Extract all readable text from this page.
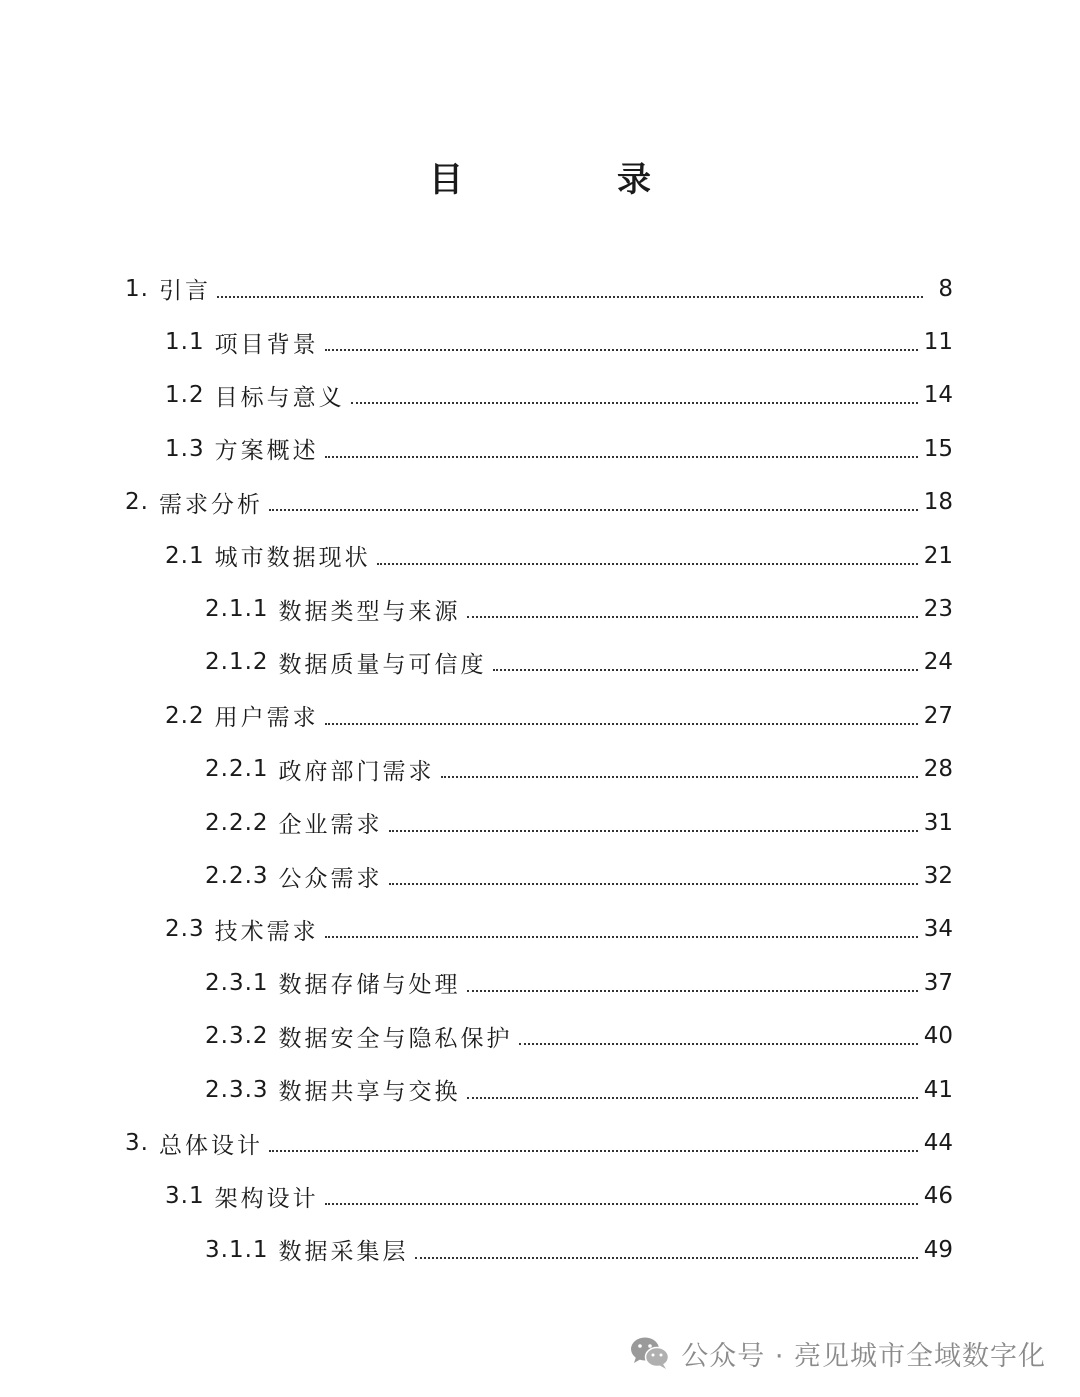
目　录
1. 引言	8
1.1 项目背景	11
1.2 目标与意义	14
1.3 方案概述	15
2. 需求分析	18
2.1 城市数据现状	21
2.1.1 数据类型与来源	23
2.1.2 数据质量与可信度	24
2.2 用户需求	27
2.2.1 政府部门需求	28
2.2.2 企业需求	31
2.2.3 公众需求	32
2.3 技术需求	34
2.3.1 数据存储与处理	37
2.3.2 数据安全与隐私保护	40
2.3.3 数据共享与交换	41
3. 总体设计	44
3.1 架构设计	46
3.1.1 数据采集层	49
公众号 · 亮见城市全域数字化
